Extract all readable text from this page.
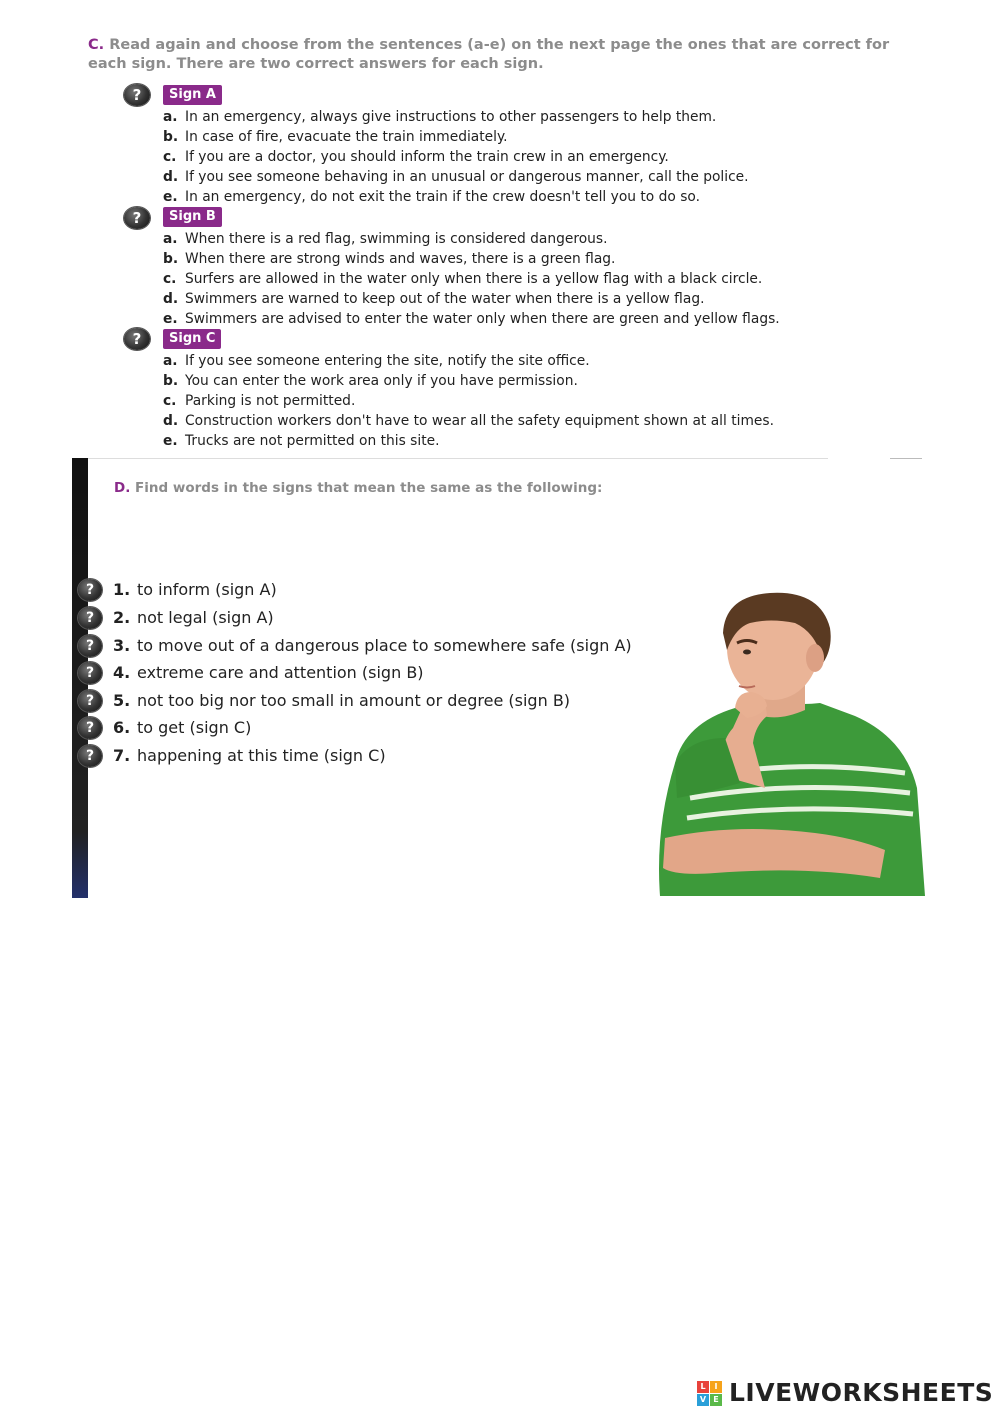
C. Read again and choose from the sentences (a-e) on the next page the ones that are correct for
each sign. There are two correct answers for each sign.
?	Sign A
a. In an emergency, always give instructions to other passengers to help them.
b. In case of fire, evacuate the train immediately.
c. If you are a doctor, you should inform the train crew in an emergency.
d. If you see someone behaving in an unusual or dangerous manner, call the police.
e. In an emergency, do not exit the train if the crew doesn't tell you to do so.
?	Sign B
a. When there is a red flag, swimming is considered dangerous.
b. When there are strong winds and waves, there is a green flag.
c. Surfers are allowed in the water only when there is a yellow flag with a black circle.
d. Swimmers are warned to keep out of the water when there is a yellow flag.
e. Swimmers are advised to enter the water only when there are green and yellow flags.
?	Sign C
a. If you see someone entering the site, notify the site office.
b. You can enter the work area only if you have permission.
c. Parking is not permitted.
d. Construction workers don't have to wear all the safety equipment shown at all times.
e. Trucks are not permitted on this site.
D. Find words in the signs that mean the same as the following:
?	1. to inform (sign A)
?	2. not legal (sign A)
?	3. to move out of a dangerous place to somewhere safe (sign A)
?	4. extreme care and attention (sign B)
?	5. not too big nor too small in amount or degree (sign B)
?	6. to get (sign C)
?	7. happening at this time (sign C)
L	I
V E LIVEWORKSHEETS
